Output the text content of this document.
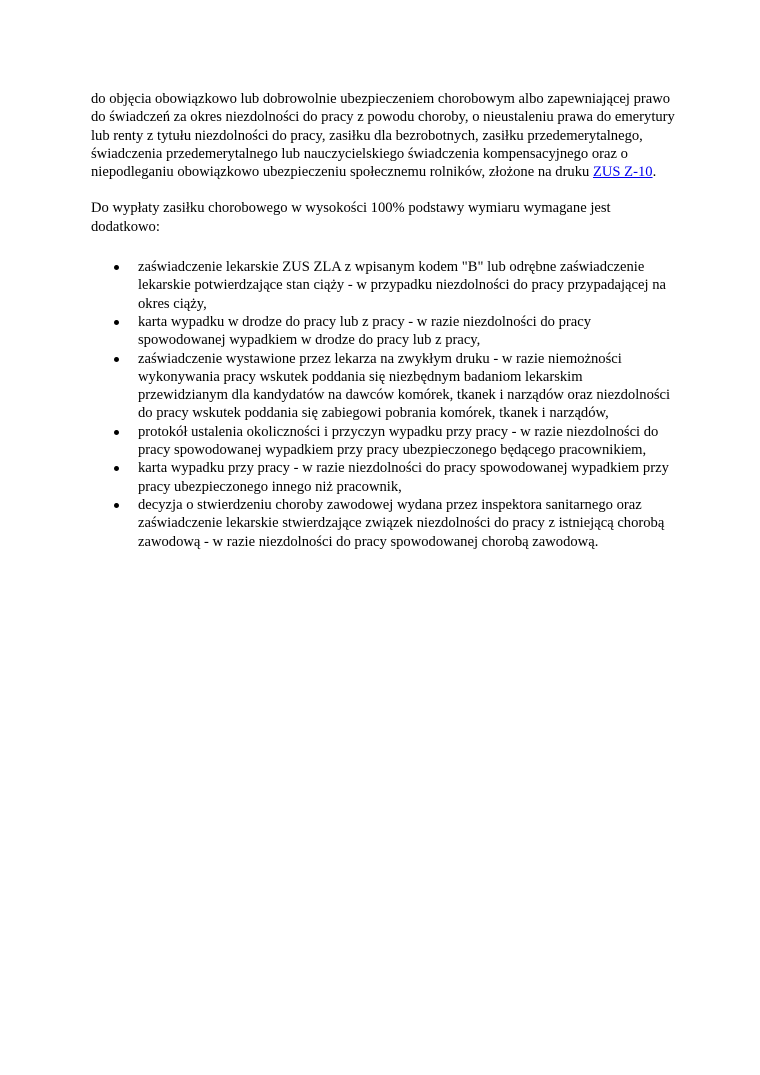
do objęcia obowiązkowo lub dobrowolnie ubezpieczeniem chorobowym albo zapewniającej prawo do świadczeń za okres niezdolności do pracy z powodu choroby, o nieustaleniu prawa do emerytury lub renty z tytułu niezdolności do pracy, zasiłku dla bezrobotnych, zasiłku przedemerytalnego, świadczenia przedemerytalnego lub nauczycielskiego świadczenia kompensacyjnego oraz o niepodleganiu obowiązkowo ubezpieczeniu społecznemu rolników, złożone na druku ZUS Z-10.

Do wypłaty zasiłku chorobowego w wysokości 100% podstawy wymiaru wymagane jest dodatkowo:

zaświadczenie lekarskie ZUS ZLA z wpisanym kodem "B" lub odrębne zaświadczenie lekarskie potwierdzające stan ciąży - w przypadku niezdolności do pracy przypadającej na okres ciąży,
karta wypadku w drodze do pracy lub z pracy - w razie niezdolności do pracy spowodowanej wypadkiem w drodze do pracy lub z pracy,
zaświadczenie wystawione przez lekarza na zwykłym druku - w razie niemożności wykonywania pracy wskutek poddania się niezbędnym badaniom lekarskim przewidzianym dla kandydatów na dawców komórek, tkanek i narządów oraz niezdolności do pracy wskutek poddania się zabiegowi pobrania komórek, tkanek i narządów,
protokół ustalenia okoliczności i przyczyn wypadku przy pracy - w razie niezdolności do pracy spowodowanej wypadkiem przy pracy ubezpieczonego będącego pracownikiem,
karta wypadku przy pracy - w razie niezdolności do pracy spowodowanej wypadkiem przy pracy ubezpieczonego innego niż pracownik,
decyzja o stwierdzeniu choroby zawodowej wydana przez inspektora sanitarnego oraz zaświadczenie lekarskie stwierdzające związek niezdolności do pracy z istniejącą chorobą zawodową - w razie niezdolności do pracy spowodowanej chorobą zawodową.
